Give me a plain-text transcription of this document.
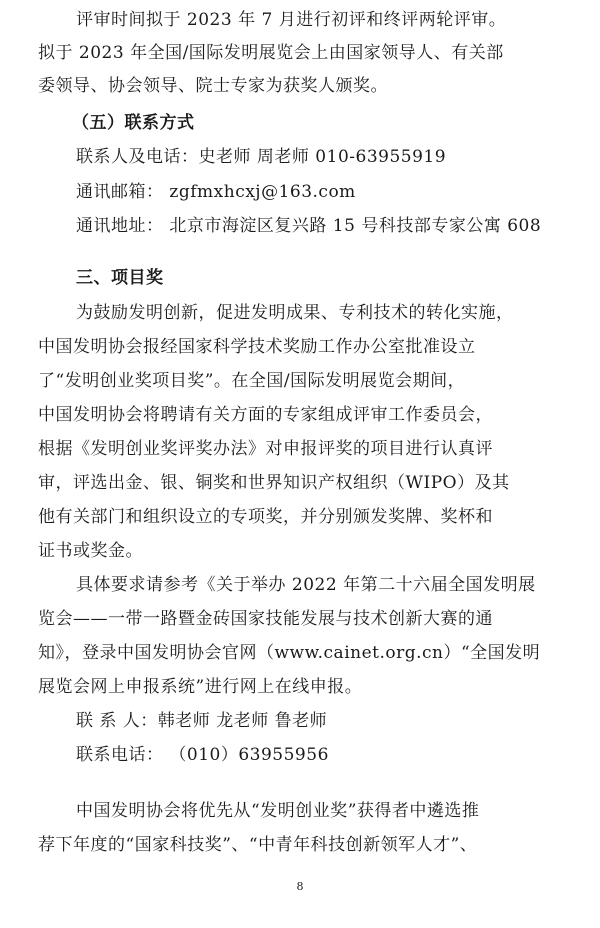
评审时间拟于 2023 年 7 月进行初评和终评两轮评审。
拟于 2023 年全国/国际发明展览会上由国家领导人、有关部
委领导、协会领导、院士专家为获奖人颁奖。
（五）联系方式
联系人及电话：史老师 周老师 010-63955919
通讯邮箱： zgfmxhcxj@163.com
通讯地址： 北京市海淀区复兴路 15 号科技部专家公寓 608
三、项目奖
为鼓励发明创新，促进发明成果、专利技术的转化实施，
中国发明协会报经国家科学技术奖励工作办公室批准设立
了“发明创业奖项目奖”。在全国/国际发明展览会期间，
中国发明协会将聘请有关方面的专家组成评审工作委员会，
根据《发明创业奖评奖办法》对申报评奖的项目进行认真评
审，评选出金、银、铜奖和世界知识产权组织（WIPO）及其
他有关部门和组织设立的专项奖，并分别颁发奖牌、奖杯和
证书或奖金。
具体要求请参考《关于举办 2022 年第二十六届全国发明展
览会——一带一路暨金砖国家技能发展与技术创新大赛的通
知》，登录中国发明协会官网（www.cainet.org.cn）“全国发明
展览会网上申报系统”进行网上在线申报。
联 系 人：韩老师 龙老师 鲁老师
联系电话： （010）63955956
中国发明协会将优先从“发明创业奖”获得者中遴选推
荐下年度的“国家科技奖”、“中青年科技创新领军人才”、
8
